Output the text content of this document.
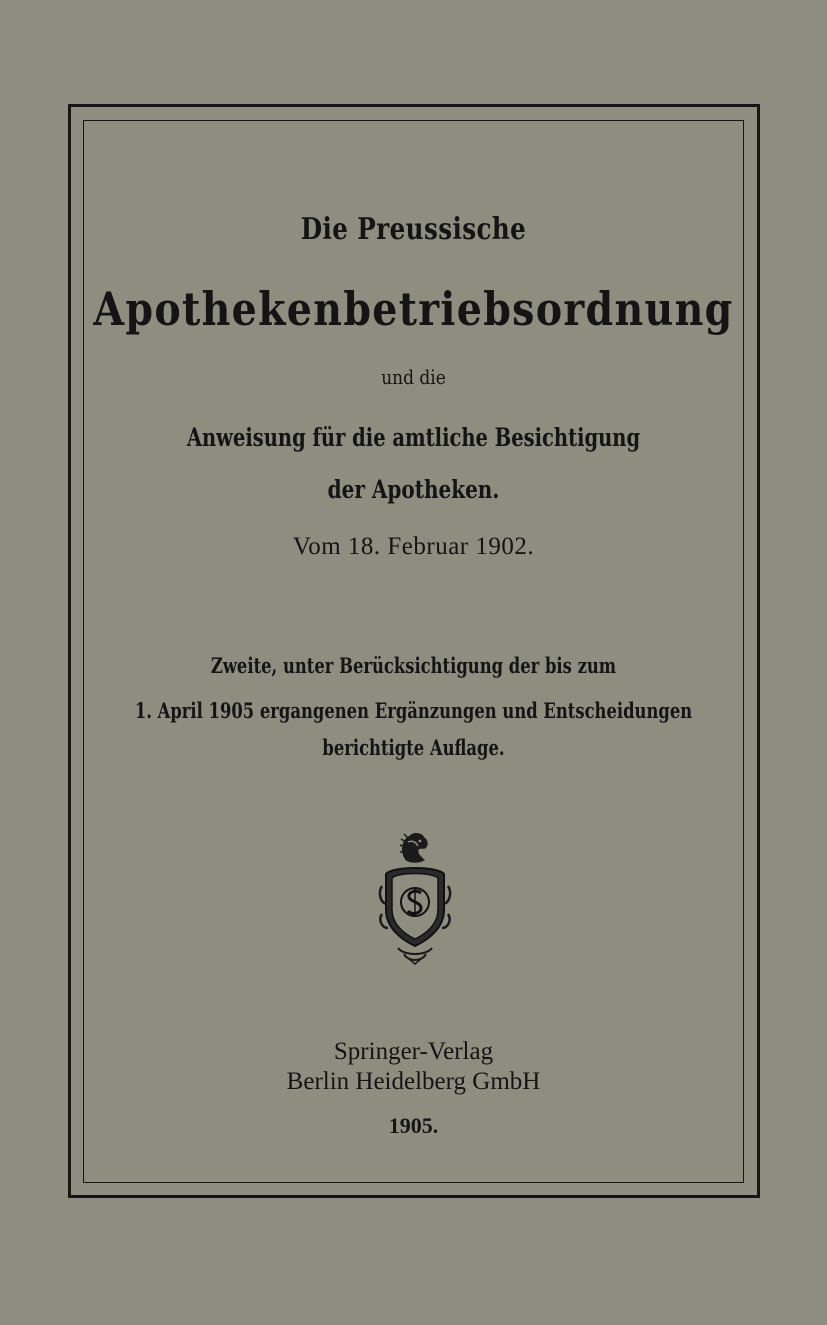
Die Preussische
Apothekenbetriebsordnung
und die
Anweisung für die amtliche Besichtigung
der Apotheken.
Vom 18. Februar 1902.
Zweite, unter Berücksichtigung der bis zum
1. April 1905 ergangenen Ergänzungen und Entscheidungen
berichtigte Auflage.
Springer-Verlag
Berlin Heidelberg GmbH
1905.
